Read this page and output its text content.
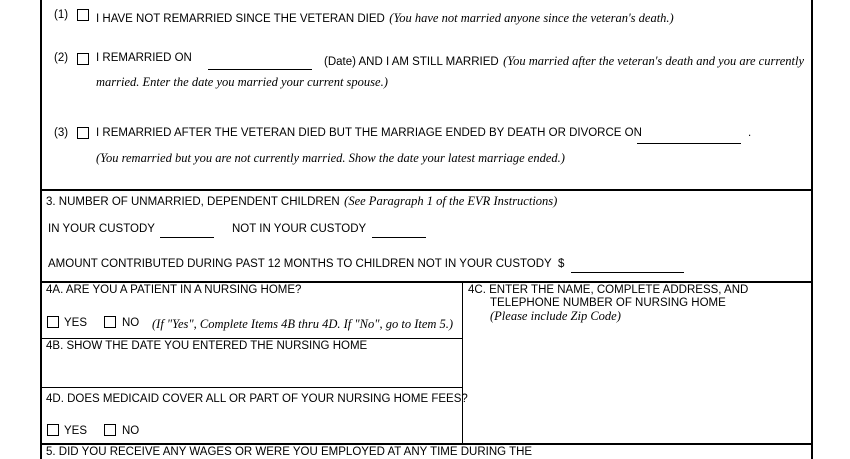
(1) I HAVE NOT REMARRIED SINCE THE VETERAN DIED (You have not married anyone since the veteran's death.)
(2) I REMARRIED ON	(Date) AND I AM STILL MARRIED (You married after the veteran's death and you are currently
married. Enter the date you married your current spouse.)
(3) I REMARRIED AFTER THE VETERAN DIED BUT THE MARRIAGE ENDED BY DEATH OR DIVORCE ON	.
(You remarried but you are not currently married. Show the date your latest marriage ended.)
3. NUMBER OF UNMARRIED, DEPENDENT CHILDREN (See Paragraph 1 of the EVR Instructions)
IN YOUR CUSTODY	NOT IN YOUR CUSTODY
AMOUNT CONTRIBUTED DURING PAST 12 MONTHS TO CHILDREN NOT IN YOUR CUSTODY $
4A. ARE YOU A PATIENT IN A NURSING HOME?
YES	NO (If "Yes", Complete Items 4B thru 4D. If "No", go to Item 5.)
4B. SHOW THE DATE YOU ENTERED THE NURSING HOME
4C. ENTER THE NAME, COMPLETE ADDRESS, AND
TELEPHONE NUMBER OF NURSING HOME
(Please include Zip Code)
4D. DOES MEDICAID COVER ALL OR PART OF YOUR NURSING HOME FEES?
YES	NO
5. DID YOU RECEIVE ANY WAGES OR WERE YOU EMPLOYED AT ANY TIME DURING THE
